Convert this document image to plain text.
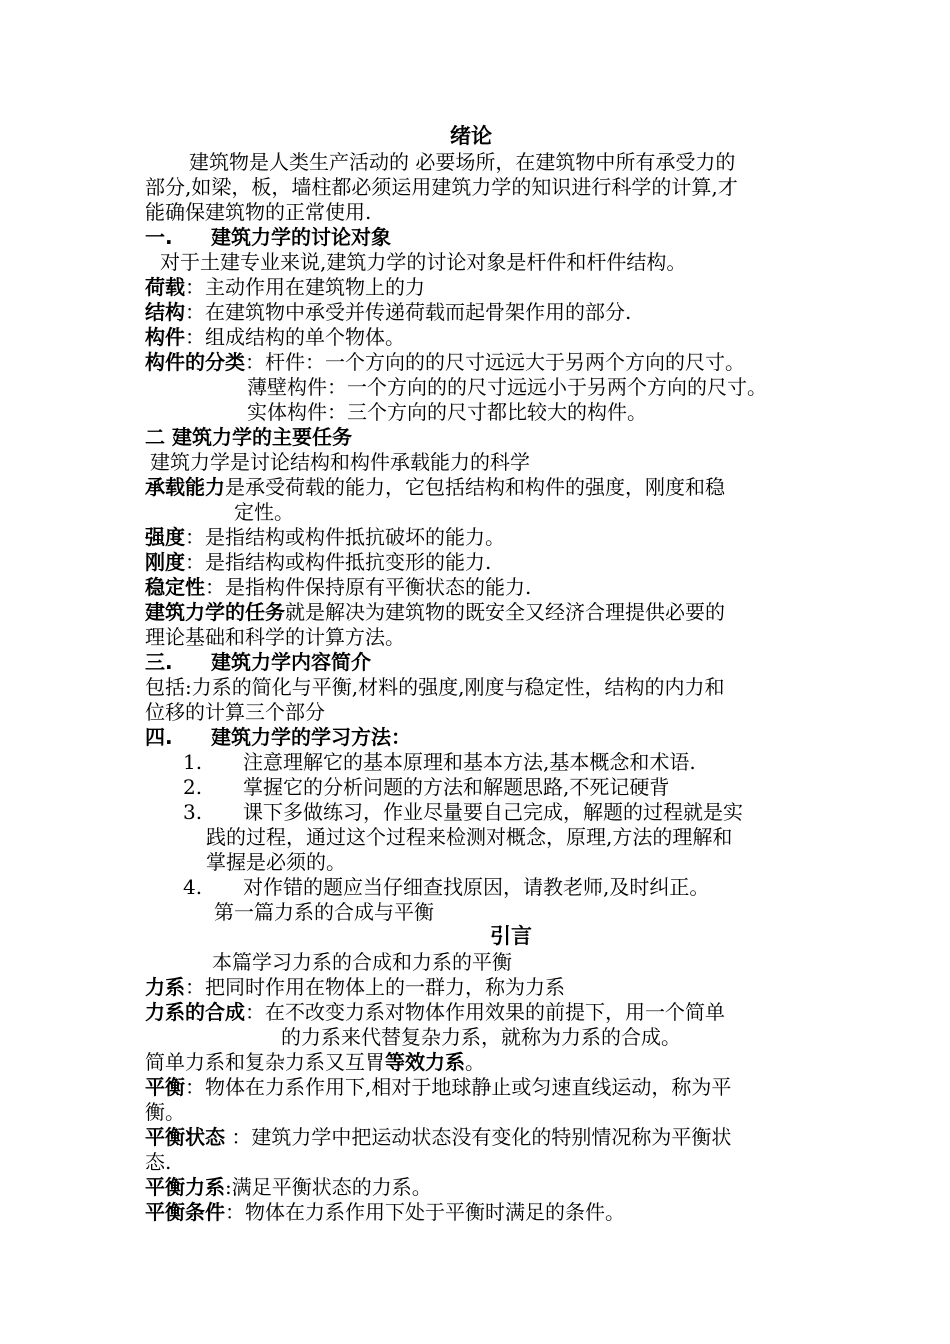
绪论
建筑物是人类生产活动的 必要场所，在建筑物中所有承受力的
部分,如梁，板，墙柱都必须运用建筑力学的知识进行科学的计算,才
能确保建筑物的正常使用.
一. 建筑力学的讨论对象
对于土建专业来说,建筑力学的讨论对象是杆件和杆件结构。
荷载：主动作用在建筑物上的力
结构：在建筑物中承受并传递荷载而起骨架作用的部分.
构件：组成结构的单个物体。
构件的分类：杆件：一个方向的的尺寸远远大于另两个方向的尺寸。
薄壁构件：一个方向的的尺寸远远小于另两个方向的尺寸。
实体构件：三个方向的尺寸都比较大的构件。
二 建筑力学的主要任务
建筑力学是讨论结构和构件承载能力的科学
承载能力是承受荷载的能力，它包括结构和构件的强度，刚度和稳
定性。
强度：是指结构或构件抵抗破坏的能力。
刚度：是指结构或构件抵抗变形的能力.
稳定性：是指构件保持原有平衡状态的能力.
建筑力学的任务就是解决为建筑物的既安全又经济合理提供必要的
理论基础和科学的计算方法。
三. 建筑力学内容简介
包括:力系的简化与平衡,材料的强度,刚度与稳定性，结构的内力和
位移的计算三个部分
四. 建筑力学的学习方法：
1. 注意理解它的基本原理和基本方法,基本概念和术语.
2. 掌握它的分析问题的方法和解题思路,不死记硬背
3. 课下多做练习，作业尽量要自己完成，解题的过程就是实
践的过程，通过这个过程来检测对概念，原理,方法的理解和
掌握是必须的。
4. 对作错的题应当仔细查找原因，请教老师,及时纠正。
第一篇力系的合成与平衡
引言
本篇学习力系的合成和力系的平衡
力系：把同时作用在物体上的一群力，称为力系
力系的合成：在不改变力系对物体作用效果的前提下，用一个简单
的力系来代替复杂力系，就称为力系的合成。
简单力系和复杂力系又互胃等效力系。
平衡：物体在力系作用下,相对于地球静止或匀速直线运动，称为平
衡。
平衡状态 ：建筑力学中把运动状态没有变化的特别情况称为平衡状
态.
平衡力系:满足平衡状态的力系。
平衡条件：物体在力系作用下处于平衡时满足的条件。
